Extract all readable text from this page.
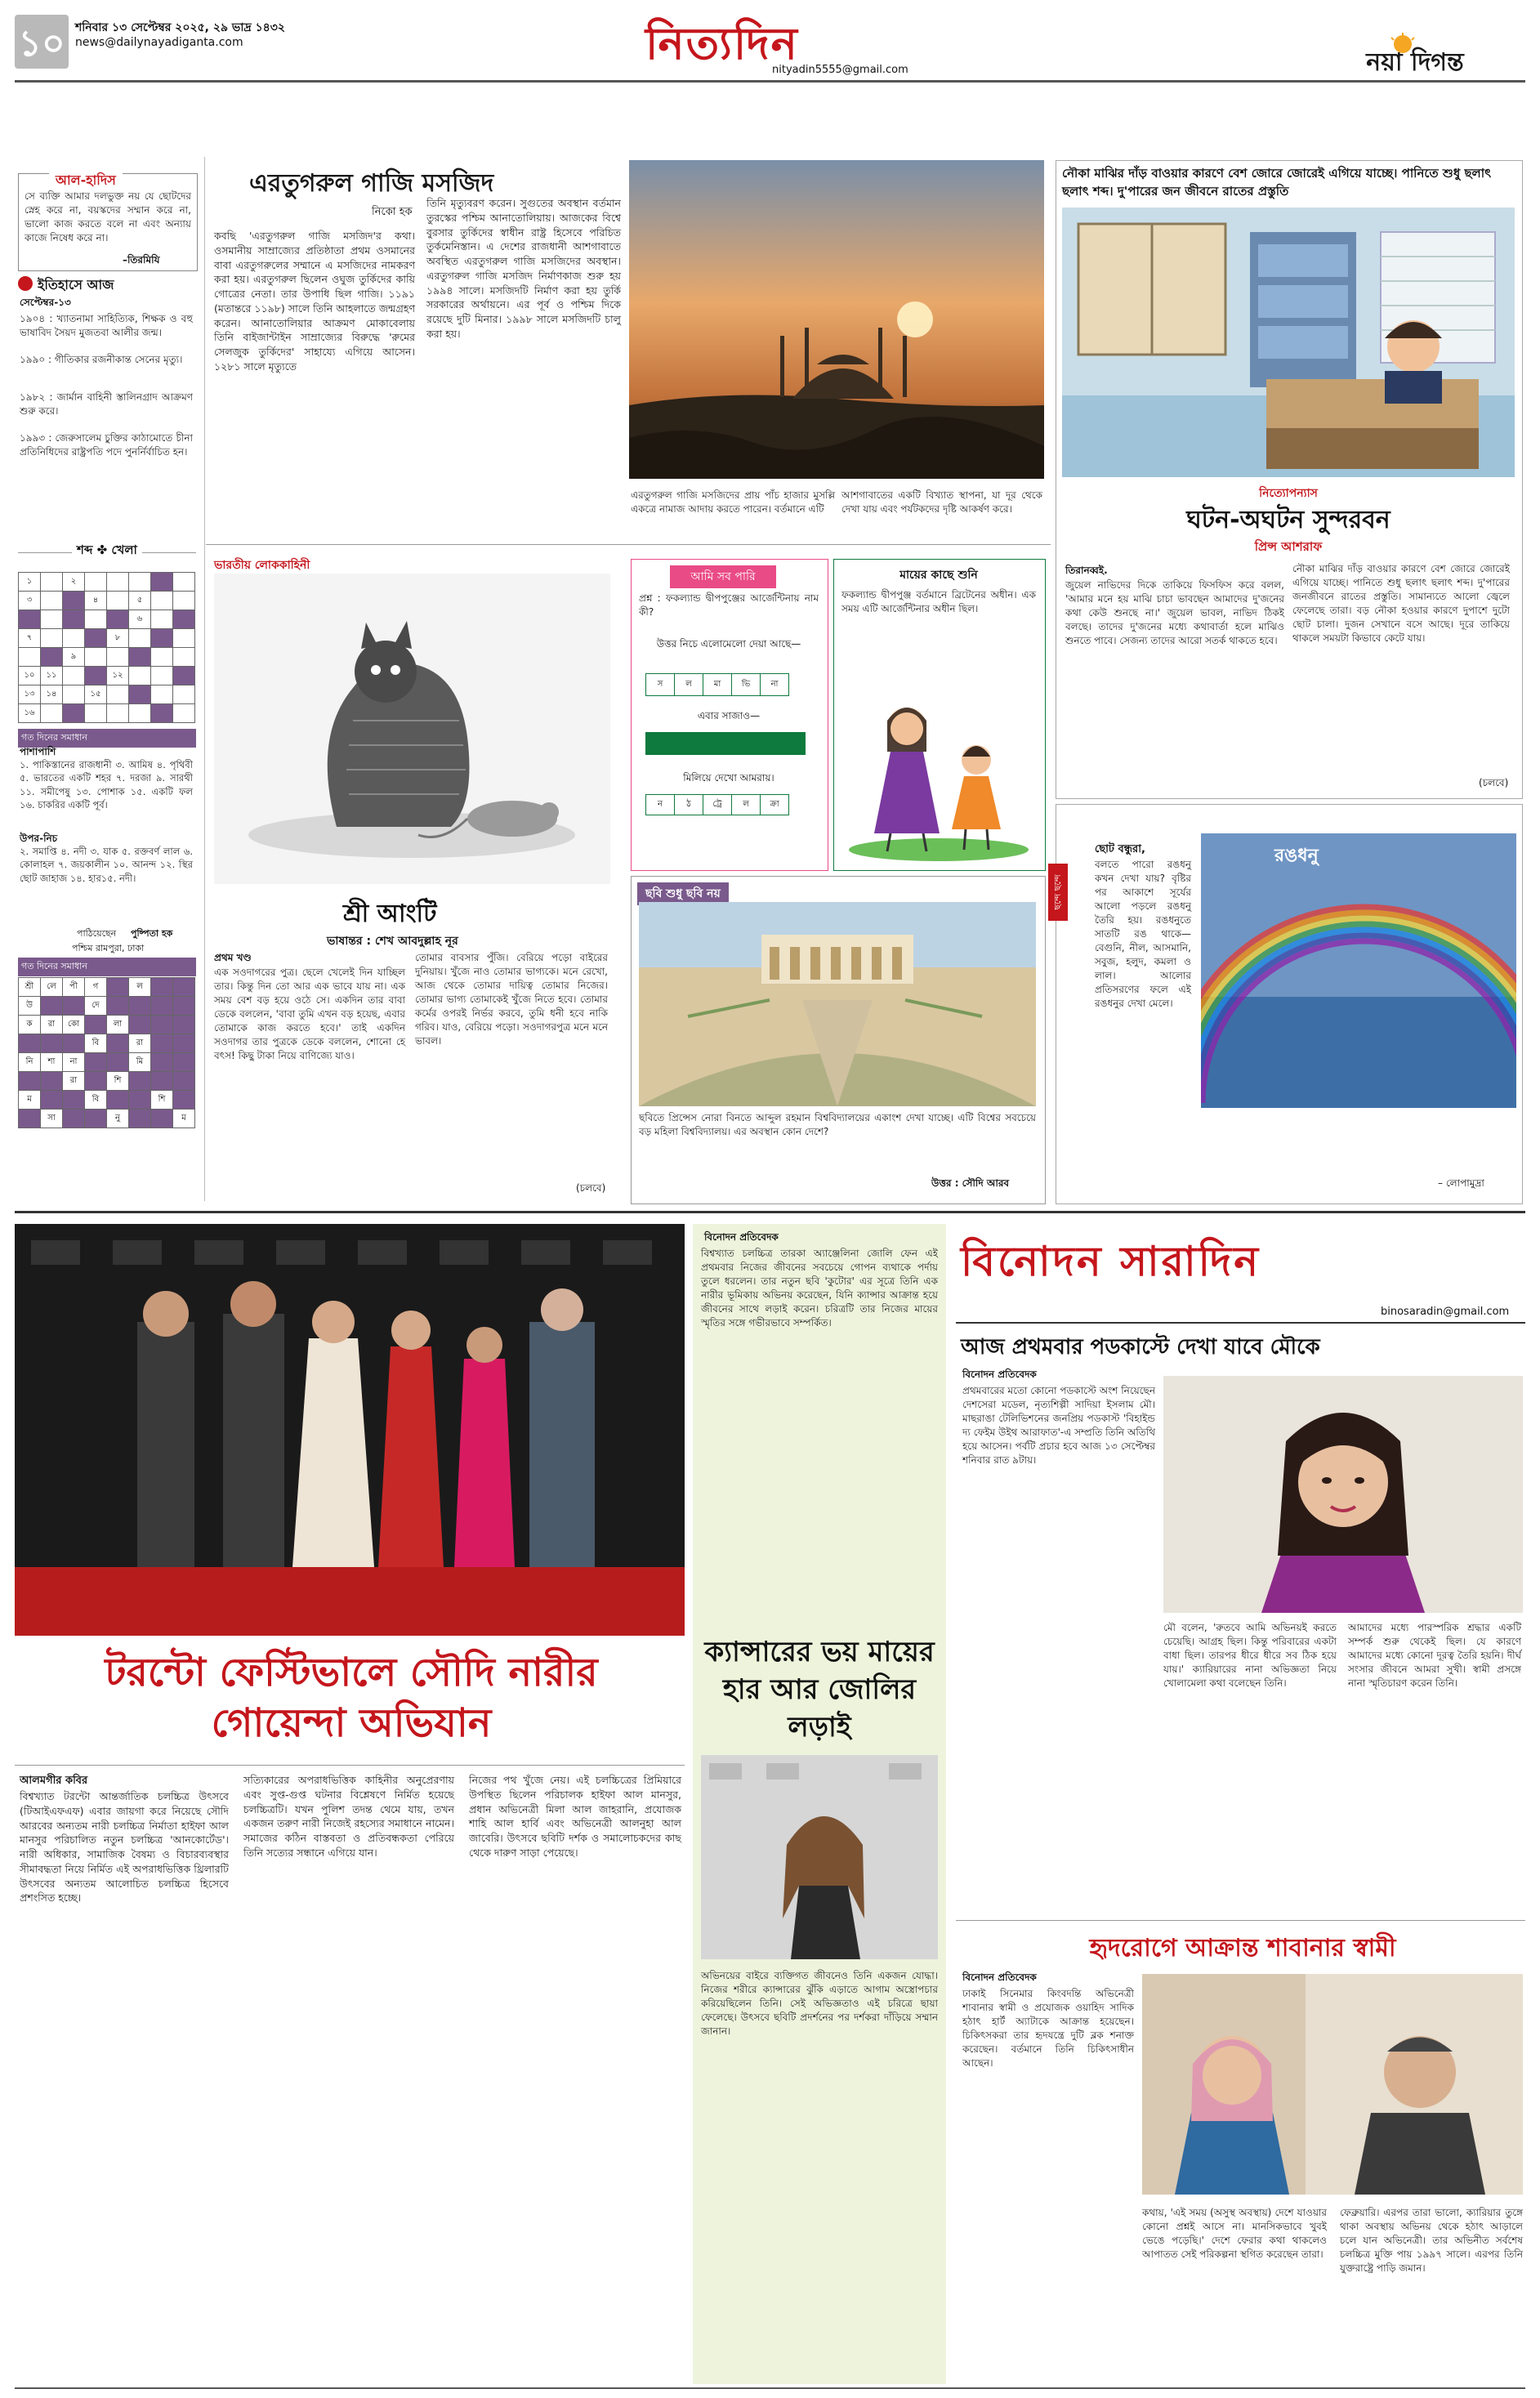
১০ শনিবার ১৩ সেপ্টেম্বর ২০২৫, ২৯ ভাদ্র ১৪৩২
news@dailynayadiganta.com	নিত্যদিন
nityadin5555@gmail.com	নয়া দিগন্ত
আল-হাদিস
সে ব্যক্তি আমার দলভুক্ত নয় যে ছোটদের স্নেহ করে না, বয়স্কদের সম্মান করে না, ভালো কাজ করতে বলে না এবং অন্যায় কাজে নিষেধ করে না।
–তিরমিযি
ইতিহাসে আজ
সেপ্টেম্বর-১৩
১৯০৪ : খ্যাতনামা সাহিত্যিক, শিক্ষক ও বহু ভাষাবিদ সৈয়দ মুজতবা আলীর জন্ম।
১৯৯০ : গীতিকার রজনীকান্ত সেনের মৃত্যু।
১৯৮২ : জার্মান বাহিনী স্তালিনগ্রাদ আক্রমণ শুরু করে।
১৯৯৩ : জেরুসালেম চুক্তির কাঠামোতে চীনা প্রতিনিধিদের রাষ্ট্রপতি পদে পুনর্নির্বাচিত হন।
শব্দ ✤ খেলা
১		২					
৩			৪		৫		
					৬		
৭				৮			
		৯					
১০	১১			১২			
১৩	১৪		১৫				
১৬							
গত দিনের সমাধান
পাশাপাশি
১. পাকিস্তানের রাজধানী ৩. আমিষ ৪. পৃথিবী ৫. ভারতের একটি শহর ৭. দরজা ৯. সারথী ১১. সমীপেষু ১৩. পোশাক ১৫. একটি ফল ১৬. চাকরির একটি পূর্ব।
উপর-নিচ
২. সমাপ্তি ৪. নদী ৩. যাক ৫. রক্তবর্ণ লাল ৬. কোলাহল ৭. জয়কালীন ১০. আনন্দ ১২. স্থির ছোট জাহাজ ১৪. হার১৫. নদী।
পাঠিয়েছেন পুষ্পিতা হক
পশ্চিম রামপুরা, ঢাকা
গত দিনের সমাধান
শ্রী	লে	পী	গ		ল		
উ			দে				
ক	রা	কো		লা			
			বি		রা		
নি	শা	না			মি		
		রা		শি			
ম			বি			শি	
	সা			নু			ম
এরতুগরুল গাজি মসজিদ
নিকো হক
কবছি 'এরতুগরুল গাজি মসজিদ'র কথা। ওসমানীয় সাম্রাজ্যের প্রতিষ্ঠাতা প্রথম ওসমানের বাবা এরতুগরুলের সম্মানে এ মসজিদের নামকরণ করা হয়। এরতুগরুল ছিলেন ওঘুজ তুর্কিদের কায়ি গোত্রের নেতা। তার উপাধি ছিল গাজি। ১১৯১ (মতান্তরে ১১৯৮) সালে তিনি আহলাতে জন্মগ্রহণ করেন। আনাতোলিয়ার আক্রমণ মোকাবেলায় তিনি বাইজান্টাইন সাম্রাজ্যের বিরুদ্ধে 'রুমের সেলজুক তুর্কিদের' সাহায্যে এগিয়ে আসেন। ১২৮১ সালে মৃত্যুতে
তিনি মৃত্যুবরণ করেন। সুগুতের অবস্থান বর্তমান তুরস্কের পশ্চিম আনাতোলিয়ায়। আজকের বিশ্বে বুরসার তুর্কিদের স্বাধীন রাষ্ট্র হিসেবে পরিচিত তুর্কমেনিস্তান। এ দেশের রাজধানী আশগাবাতে অবস্থিত এরতুগরুল গাজি মসজিদের অবস্থান। এরতুগরুল গাজি মসজিদ নির্মাণকাজ শুরু হয় ১৯৯৪ সালে। মসজিদটি নির্মাণ করা হয় তুর্কি সরকারের অর্থায়নে। এর পূর্ব ও পশ্চিম দিকে রয়েছে দুটি মিনার। ১৯৯৮ সালে মসজিদটি চালু করা হয়।
এরতুগরুল গাজি মসজিদের প্রায় পাঁচ হাজার মুসল্লি একত্রে নামাজ আদায় করতে পারেন। বর্তমানে এটি
আশগাবাতের একটি বিখ্যাত স্থাপনা, যা দূর থেকে দেখা যায় এবং পর্যটকদের দৃষ্টি আকর্ষণ করে।
নৌকা মাঝির দাঁড় বাওয়ার কারণে বেশ জোরে জোরেই এগিয়ে যাচ্ছে। পানিতে শুধু ছলাৎ ছলাৎ শব্দ। দু'পারের জন জীবনে রাতের প্রস্তুতি
নিত্যোপন্যাস
ঘটন-অঘটন সুন্দরবন
প্রিন্স আশরাফ
তিরানব্বই.
জুয়েল নাভিদের দিকে তাকিয়ে ফিসফিস করে বলল, 'আমার মনে হয় মাঝি চাচা ভাবছেন আমাদের দু'জনের কথা কেউ শুনছে না।' জুয়েল ভাবল, নাভিদ ঠিকই বলছে। তাদের দু'জনের মধ্যে কথাবার্তা হলে মাঝিও শুনতে পাবে। সেজন্য তাদের আরো সতর্ক থাকতে হবে।
নৌকা মাঝির দাঁড় বাওয়ার কারণে বেশ জোরে জোরেই এগিয়ে যাচ্ছে। পানিতে শুধু ছলাৎ ছলাৎ শব্দ। দু'পারের জনজীবনে রাতের প্রস্তুতি। সামান্যতে আলো জ্বেলে ফেলেছে তারা। বড় নৌকা হওয়ার কারণে দুপাশে দুটো ছোট চালা। দুজন সেখানে বসে আছে। দূরে তাকিয়ে থাকলে সময়টা কিভাবে কেটে যায়।
(চলবে)
ভারতীয় লোককাহিনী
শ্রী আংটি
ভাষান্তর : শেখ আবদুল্লাহ নূর
প্রথম খণ্ড
এক সওদাগরের পুত্র। ছেলে খেলেই দিন যাচ্ছিল তার। কিন্তু দিন তো আর এক ভাবে যায় না। এক সময় বেশ বড় হয়ে ওঠে সে। একদিন তার বাবা ডেকে বললেন, 'বাবা তুমি এখন বড় হয়েছ, এবার তোমাকে কাজ করতে হবে।' তাই একদিন সওদাগর তার পুত্রকে ডেকে বললেন, শোনো হে বৎস! কিছু টাকা নিয়ে বাণিজ্যে যাও।
তোমার বাবসার পুঁজি। বেরিয়ে পড়ো বাইরের দুনিয়ায়। খুঁজে নাও তোমার ভাগ্যকে। মনে রেখো, আজ থেকে তোমার দায়িত্ব তোমার নিজের। তোমার ভাগ্য তোমাকেই খুঁজে নিতে হবে। তোমার কর্মের ওপরই নির্ভর করবে, তুমি ধনী হবে নাকি গরিব। যাও, বেরিয়ে পড়ো। সওদাগরপুত্র মনে মনে ভাবল।
(চলবে)
আমি সব পারি
প্রশ্ন : ফকল্যান্ড দ্বীপপুঞ্জের আর্জেন্টিনায় নাম কী?
উত্তর নিচে এলোমেলো দেয়া আছে—
স	ল	মা	ভি	না
এবার সাজাও—
মিলিয়ে দেখো আমরায়।
ন	ঠ	ট্রে	ল	ক্রা
মায়ের কাছে শুনি
ফকল্যান্ড দ্বীপপুঞ্জ বর্তমানে ব্রিটেনের অধীন। এক সময় এটি আর্জেন্টিনার অধীন ছিল।
ছবি শুধু ছবি নয়
ছবিতে প্রিন্সেস নোরা বিনতে আব্দুল রহমান বিশ্ববিদ্যালয়ের একাংশ দেখা যাচ্ছে। এটি বিশ্বের সবচেয়ে বড় মহিলা বিশ্ববিদ্যালয়। এর অবস্থান কোন দেশে?
উত্তর : সৌদি আরব
ছন্দে ছন্দে
রঙধনু
ছোট বন্ধুরা,
বলতে পারো রঙধনু কখন দেখা যায়? বৃষ্টির পর আকাশে সূর্যের আলো পড়লে রঙধনু তৈরি হয়। রঙধনুতে সাতটি রঙ থাকে— বেগুনি, নীল, আসমানি, সবুজ, হলুদ, কমলা ও লাল। আলোর প্রতিসরণের ফলে এই রঙধনুর দেখা মেলে।
– লোপামুদ্রা
টরন্টো ফেস্টিভালে সৌদি নারীর গোয়েন্দা অভিযান
আলমগীর কবির
বিশ্বখ্যাত টরন্টো আন্তর্জাতিক চলচ্চিত্র উৎসবে (টিআইএফএফ) এবার জায়গা করে নিয়েছে সৌদি আরবের অন্যতম নারী চলচ্চিত্র নির্মাতা হাইফা আল মানসুর পরিচালিত নতুন চলচ্চিত্র 'আনকোর্টেড'। নারী অধিকার, সামাজিক বৈষম্য ও বিচারব্যবস্থার সীমাবদ্ধতা নিয়ে নির্মিত এই অপরাধভিত্তিক থ্রিলারটি উৎসবের অন্যতম আলোচিত চলচ্চিত্র হিসেবে প্রশংসিত হচ্ছে।
সত্যিকারের অপরাধভিত্তিক কাহিনীর অনুপ্রেরণায় এবং সুপ্ত-গুপ্ত ঘটনার বিশ্লেষণে নির্মিত হয়েছে চলচ্চিত্রটি। যখন পুলিশ তদন্ত থেমে যায়, তখন একজন তরুণ নারী নিজেই রহস্যের সমাধানে নামেন। সমাজের কঠিন বাস্তবতা ও প্রতিবন্ধকতা পেরিয়ে তিনি সত্যের সন্ধানে এগিয়ে যান।
নিজের পথ খুঁজে নেয়। এই চলচ্চিত্রের প্রিমিয়ারে উপস্থিত ছিলেন পরিচালক হাইফা আল মানসুর, প্রধান অভিনেত্রী মিলা আল জাহরানি, প্রযোজক শাহি আল হার্বি এবং অভিনেত্রী আলনুহা আল জাবেরি। উৎসবে ছবিটি দর্শক ও সমালোচকদের কাছ থেকে দারুণ সাড়া পেয়েছে।
বিনোদন প্রতিবেদক
বিশ্বখ্যাত চলচ্চিত্র তারকা অ্যাঞ্জেলিনা জোলি ফেন এই প্রথমবার নিজের জীবনের সবচেয়ে গোপন ব্যথাকে পর্দায় তুলে ধরলেন। তার নতুন ছবি 'কুটোর' এর সূত্রে তিনি এক নারীর ভূমিকায় অভিনয় করেছেন, যিনি ক্যান্সার আক্রান্ত হয়ে জীবনের সাথে লড়াই করেন। চরিত্রটি তার নিজের মায়ের স্মৃতির সঙ্গে গভীরভাবে সম্পর্কিত।
ক্যান্সারের ভয় মায়ের হার আর জোলির লড়াই
অভিনয়ের বাইরে ব্যক্তিগত জীবনেও তিনি একজন যোদ্ধা। নিজের শরীরে ক্যান্সারের ঝুঁকি এড়াতে আগাম অস্ত্রোপচার করিয়েছিলেন তিনি। সেই অভিজ্ঞতাও এই চরিত্রে ছায়া ফেলেছে। উৎসবে ছবিটি প্রদর্শনের পর দর্শকরা দাঁড়িয়ে সম্মান জানান।
বিনোদন সারাদিন
binosaradin@gmail.com
আজ প্রথমবার পডকাস্টে দেখা যাবে মৌকে
বিনোদন প্রতিবেদক
প্রথমবারের মতো কোনো পডকাস্টে অংশ নিয়েছেন দেশসেরা মডেল, নৃত্যশিল্পী সাদিয়া ইসলাম মৌ। মাছরাঙা টেলিভিশনের জনপ্রিয় পডকাস্ট 'বিহাইন্ড দ্য ফেইম উইথ আরাফাত'-এ সম্প্রতি তিনি অতিথি হয়ে আসেন। পর্বটি প্রচার হবে আজ ১৩ সেপ্টেম্বর শনিবার রাত ৯টায়।
মৌ বলেন, 'রুতবে আমি অভিনয়ই করতে চেয়েছি। আগ্রহ ছিল। কিন্তু পরিবারের একটা বাধা ছিল। তারপর ধীরে ধীরে সব ঠিক হয়ে যায়।' ক্যারিয়ারের নানা অভিজ্ঞতা নিয়ে খোলামেলা কথা বলেছেন তিনি।
আমাদের মধ্যে পারস্পরিক শ্রদ্ধার একটি সম্পর্ক শুরু থেকেই ছিল। যে কারণে আমাদের মধ্যে কোনো দূরত্ব তৈরি হয়নি। দীর্ঘ সংসার জীবনে আমরা সুখী। স্বামী প্রসঙ্গে নানা স্মৃতিচারণ করেন তিনি।
হৃদরোগে আক্রান্ত শাবানার স্বামী
বিনোদন প্রতিবেদক
ঢাকাই সিনেমার কিংবদন্তি অভিনেত্রী শাবানার স্বামী ও প্রযোজক ওয়াহিদ সাদিক হঠাৎ হার্ট অ্যাটাকে আক্রান্ত হয়েছেন। চিকিৎসকরা তার হৃদযন্ত্রে দুটি ব্লক শনাক্ত করেছেন। বর্তমানে তিনি চিকিৎসাধীন আছেন।
কথায়, 'এই সময় (অসুস্থ অবস্থায়) দেশে যাওয়ার কোনো প্রশ্নই আসে না। মানসিকভাবে খুবই ভেঙে পড়েছি।' দেশে ফেরার কথা থাকলেও আপাতত সেই পরিকল্পনা স্থগিত করেছেন তারা।
ফেব্রুয়ারি। এরপর তারা ভালো, ক্যারিয়ার তুঙ্গে থাকা অবস্থায় অভিনয় থেকে হঠাৎ আড়ালে চলে যান অভিনেত্রী। তার অভিনীত সর্বশেষ চলচ্চিত্র মুক্তি পায় ১৯৯৭ সালে। এরপর তিনি যুক্তরাষ্ট্রে পাড়ি জমান।
